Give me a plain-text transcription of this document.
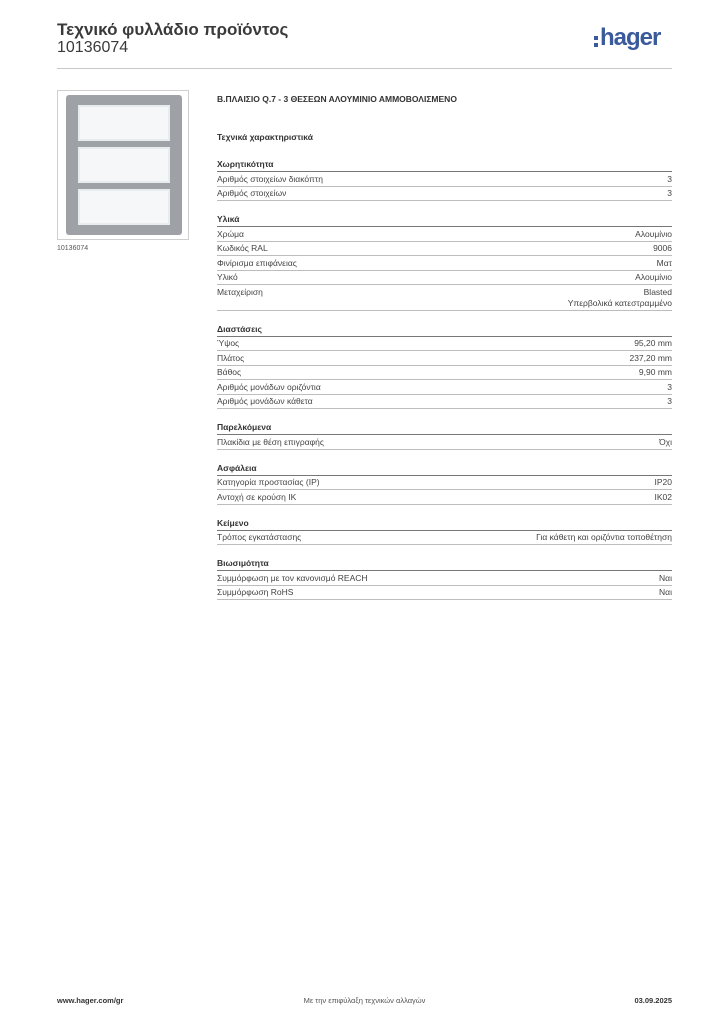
Τεχνικό φυλλάδιο προϊόντος
10136074	hager
10136074
Β.ΠΛΑΙΣΙΟ Q.7 - 3 ΘΕΣΕΩΝ ΑΛΟΥΜΙΝΙΟ ΑΜΜΟΒΟΛΙΣΜΕΝΟ
Τεχνικά χαρακτηριστικά
Χωρητικότητα
Αριθμός στοιχείων διακόπτη	3
Αριθμός στοιχείων	3
Υλικά
Χρώμα	Αλουμίνιο
Κωδικός RAL	9006
Φινίρισμα επιφάνειας	Ματ
Υλικό	Αλουμίνιο
Μεταχείριση	Blasted
Υπερβολικά κατεστραμμένο
Διαστάσεις
Ύψος	95,20 mm
Πλάτος	237,20 mm
Βάθος	9,90 mm
Αριθμός μονάδων οριζόντια	3
Αριθμός μονάδων κάθετα	3
Παρελκόμενα
Πλακίδια με θέση επιγραφής	Όχι
Ασφάλεια
Κατηγορία προστασίας (IP)	IP20
Αντοχή σε κρούση IK	IK02
Κείμενο
Τρόπος εγκατάστασης	Για κάθετη και οριζόντια τοποθέτηση
Βιωσιμότητα
Συμμόρφωση με τον κανονισμό REACH	Ναι
Συμμόρφωση RoHS	Ναι
www.hager.com/gr	Με την επιφύλαξη τεχνικών αλλαγών	03.09.2025
